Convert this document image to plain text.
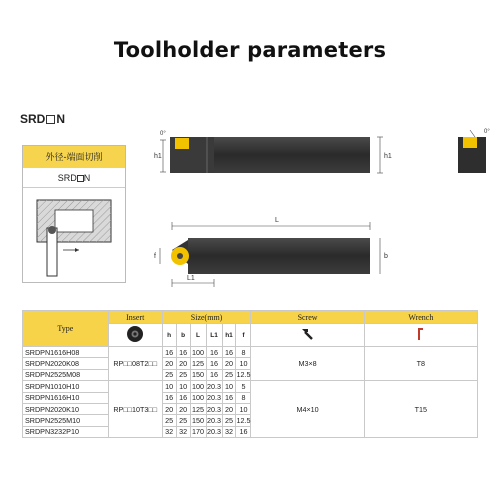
Toolholder parameters
SRD N
h1	h1
0°	0°
L
f	b
L1
外径-端面切削
SRD N
Type	Insert	Size(mm)						Screw	Wrench
	h	b	L	L1	h1	f		
SRDPN1616H08	RP□□08T2□□	16	16	100	16	16	8	M3×8	T8
SRDPN2020K08		20	20	125	16	20	10		
SRDPN2525M08		25	25	150	16	25	12.5		
SRDPN1010H10	RP□□10T3□□	10	10	100	20.3	10	5	M4×10	T15
SRDPN1616H10		16	16	100	20.3	16	8		
SRDPN2020K10		20	20	125	20.3	20	10		
SRDPN2525M10		25	25	150	20.3	25	12.5		
SRDPN3232P10		32	32	170	20.3	32	16		
